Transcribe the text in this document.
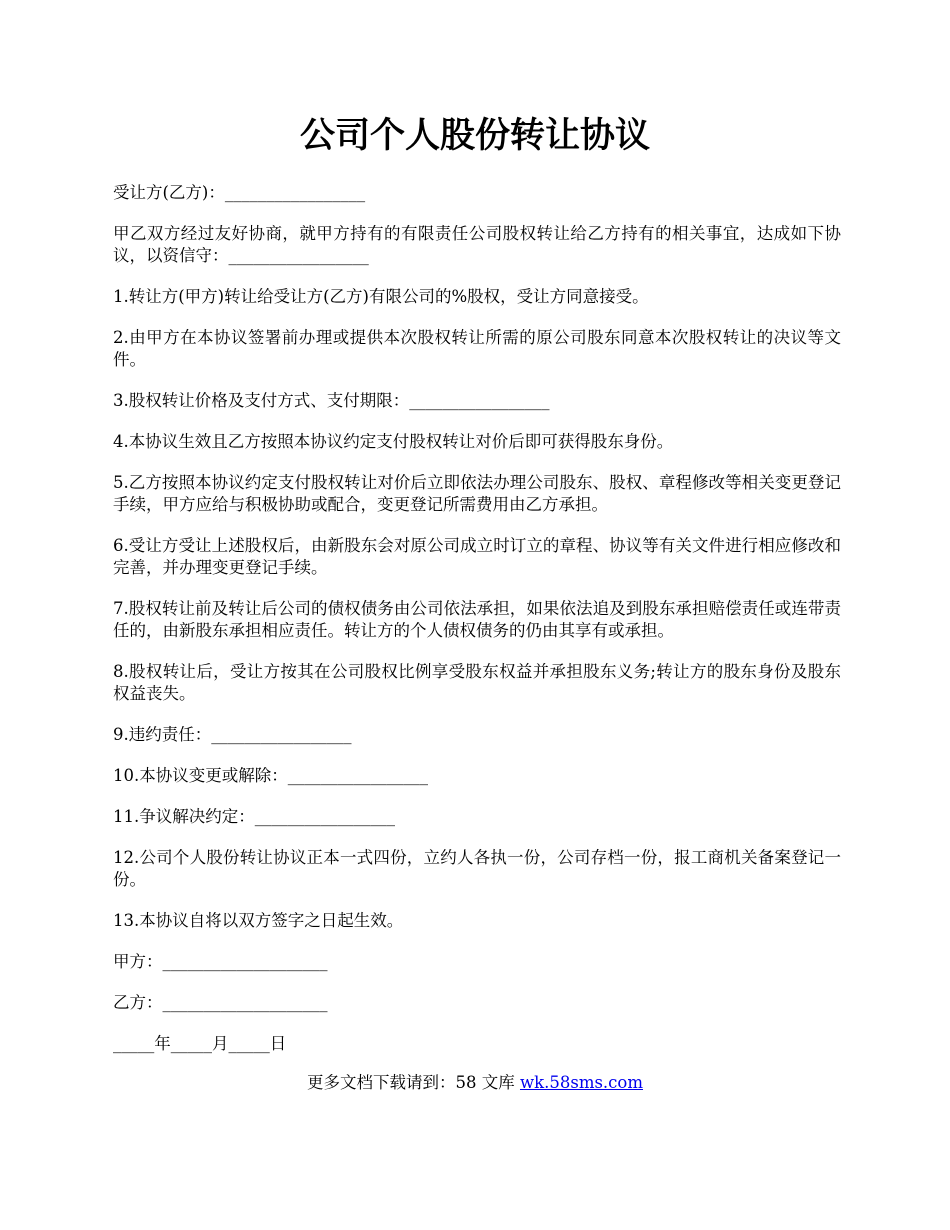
公司个人股份转让协议

受让方(乙方)：_________________

甲乙双方经过友好协商，就甲方持有的有限责任公司股权转让给乙方持有的相关事宜，达成如下协议，以资信守：_________________

1.转让方(甲方)转让给受让方(乙方)有限公司的%股权，受让方同意接受。

2.由甲方在本协议签署前办理或提供本次股权转让所需的原公司股东同意本次股权转让的决议等文件。

3.股权转让价格及支付方式、支付期限：_________________

4.本协议生效且乙方按照本协议约定支付股权转让对价后即可获得股东身份。

5.乙方按照本协议约定支付股权转让对价后立即依法办理公司股东、股权、章程修改等相关变更登记手续，甲方应给与积极协助或配合，变更登记所需费用由乙方承担。

6.受让方受让上述股权后，由新股东会对原公司成立时订立的章程、协议等有关文件进行相应修改和完善，并办理变更登记手续。

7.股权转让前及转让后公司的债权债务由公司依法承担，如果依法追及到股东承担赔偿责任或连带责任的，由新股东承担相应责任。转让方的个人债权债务的仍由其享有或承担。

8.股权转让后，受让方按其在公司股权比例享受股东权益并承担股东义务;转让方的股东身份及股东权益丧失。

9.违约责任：_________________

10.本协议变更或解除：_________________

11.争议解决约定：_________________

12.公司个人股份转让协议正本一式四份，立约人各执一份，公司存档一份，报工商机关备案登记一份。

13.本协议自将以双方签字之日起生效。

甲方：____________________

乙方：____________________

_____年_____月_____日

更多文档下载请到：58 文库 wk.58sms.com
